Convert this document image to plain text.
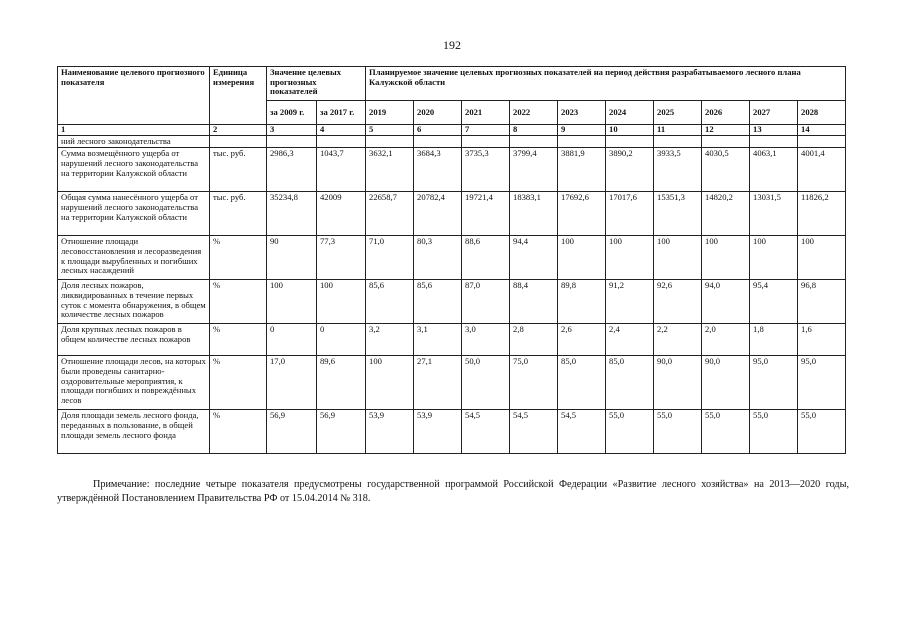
192
Наименование целевого прогнозного показателя	Единица измерения	Значение целевых прогнозных показателей		Планируемое значение целевых прогнозных показателей на период действия разрабатываемого лесного плана Калужской области									
		за 2009 г.	за 2017 г.	2019	2020	2021	2022	2023	2024	2025	2026	2027	2028
1	2	3	4	5	6	7	8	9	10	11	12	13	14
ний лесного законодательства													
Сумма возмещённого ущерба от нарушений лесного законодательства на территории Калужской области	тыс. руб.	2986,3	1043,7	3632,1	3684,3	3735,3	3799,4	3881,9	3890,2	3933,5	4030,5	4063,1	4001,4
Общая сумма нанесённого ущерба от нарушений лесного законодательства на территории Калужской области	тыс. руб.	35234,8	42009	22658,7	20782,4	19721,4	18383,1	17692,6	17017,6	15351,3	14820,2	13031,5	11826,2
Отношение площади лесовосстановления и лесоразведения к площади вырубленных и погибших лесных насаждений	%	90	77,3	71,0	80,3	88,6	94,4	100	100	100	100	100	100
Доля лесных пожаров, ликвидированных в течение первых суток с момента обнаружения, в общем количестве лесных пожаров	%	100	100	85,6	85,6	87,0	88,4	89,8	91,2	92,6	94,0	95,4	96,8
Доля крупных лесных пожаров в общем количестве лесных пожаров	%	0	0	3,2	3,1	3,0	2,8	2,6	2,4	2,2	2,0	1,8	1,6
Отношение площади лесов, на которых были проведены санитарно-оздоровительные мероприятия, к площади погибших и повреждённых лесов	%	17,0	89,6	100	27,1	50,0	75,0	85,0	85,0	90,0	90,0	95,0	95,0
Доля площади земель лесного фонда, переданных в пользование, в общей площади земель лесного фонда	%	56,9	56,9	53,9	53,9	54,5	54,5	54,5	55,0	55,0	55,0	55,0	55,0
Примечание: последние четыре показателя предусмотрены государственной программой Российской Федерации «Развитие лесного хозяйства» на 2013—2020 годы, утверждённой Постановлением Правительства РФ от 15.04.2014 № 318.
